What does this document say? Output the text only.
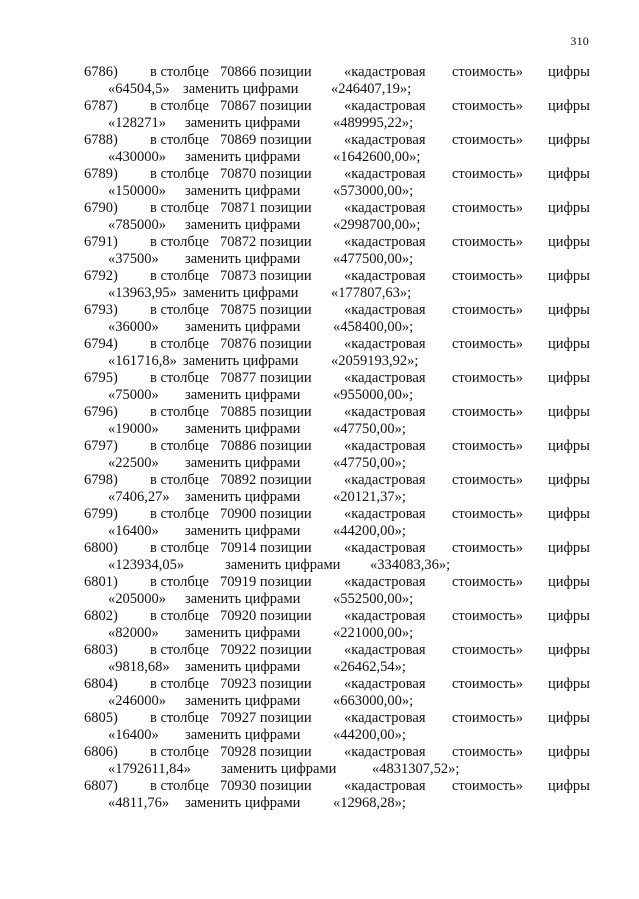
310
6786) в столбце 70866 позиции «кадастровая стоимость» цифры
«64504,5» заменить цифрами «246407,19»;
6787) в столбце 70867 позиции «кадастровая стоимость» цифры
«128271» заменить цифрами «489995,22»;
6788) в столбце 70869 позиции «кадастровая стоимость» цифры
«430000» заменить цифрами «1642600,00»;
6789) в столбце 70870 позиции «кадастровая стоимость» цифры
«150000» заменить цифрами «573000,00»;
6790) в столбце 70871 позиции «кадастровая стоимость» цифры
«785000» заменить цифрами «2998700,00»;
6791) в столбце 70872 позиции «кадастровая стоимость» цифры
«37500» заменить цифрами «477500,00»;
6792) в столбце 70873 позиции «кадастровая стоимость» цифры
«13963,95» заменить цифрами «177807,63»;
6793) в столбце 70875 позиции «кадастровая стоимость» цифры
«36000» заменить цифрами «458400,00»;
6794) в столбце 70876 позиции «кадастровая стоимость» цифры
«161716,8» заменить цифрами «2059193,92»;
6795) в столбце 70877 позиции «кадастровая стоимость» цифры
«75000» заменить цифрами «955000,00»;
6796) в столбце 70885 позиции «кадастровая стоимость» цифры
«19000» заменить цифрами «47750,00»;
6797) в столбце 70886 позиции «кадастровая стоимость» цифры
«22500» заменить цифрами «47750,00»;
6798) в столбце 70892 позиции «кадастровая стоимость» цифры
«7406,27» заменить цифрами «20121,37»;
6799) в столбце 70900 позиции «кадастровая стоимость» цифры
«16400» заменить цифрами «44200,00»;
6800) в столбце 70914 позиции «кадастровая стоимость» цифры
«123934,05»	заменить цифрами «334083,36»;
6801) в столбце 70919 позиции «кадастровая стоимость» цифры
«205000» заменить цифрами «552500,00»;
6802) в столбце 70920 позиции «кадастровая стоимость» цифры
«82000» заменить цифрами «221000,00»;
6803) в столбце 70922 позиции «кадастровая стоимость» цифры
«9818,68» заменить цифрами «26462,54»;
6804) в столбце 70923 позиции «кадастровая стоимость» цифры
«246000» заменить цифрами «663000,00»;
6805) в столбце 70927 позиции «кадастровая стоимость» цифры
«16400» заменить цифрами «44200,00»;
6806) в столбце 70928 позиции «кадастровая стоимость» цифры
«1792611,84» заменить цифрами «4831307,52»;
6807) в столбце 70930 позиции «кадастровая стоимость» цифры
«4811,76» заменить цифрами «12968,28»;
